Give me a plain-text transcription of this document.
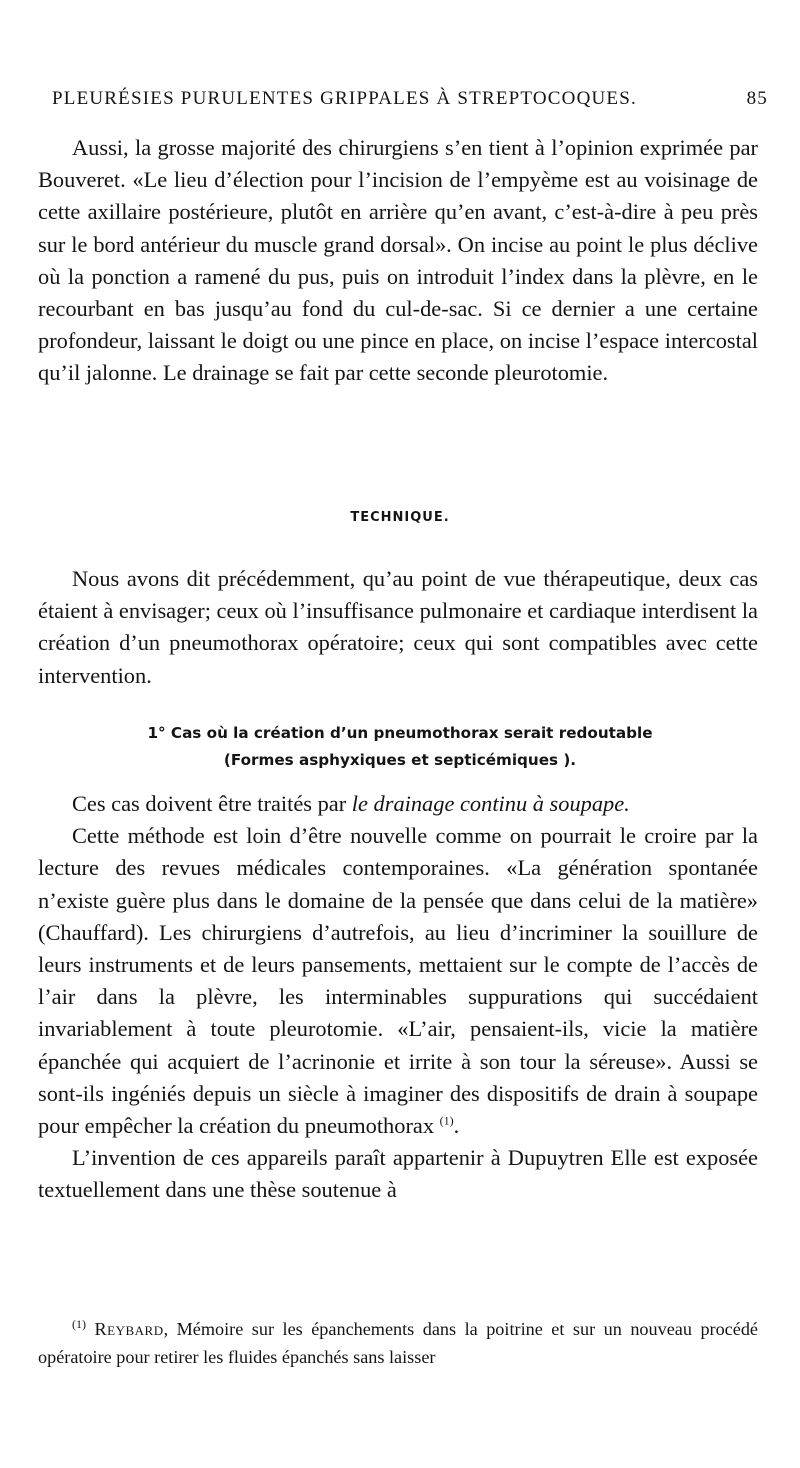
PLEURÉSIES PURULENTES GRIPPALES À STREPTOCOQUES.	85

Aussi, la grosse majorité des chirurgiens s’en tient à l’opinion exprimée par Bouveret. «Le lieu d’élection pour l’incision de l’empyème est au voisinage de cette axillaire postérieure, plutôt en arrière qu’en avant, c’est-à-dire à peu près sur le bord antérieur du muscle grand dorsal». On incise au point le plus déclive où la ponction a ramené du pus, puis on introduit l’index dans la plèvre, en le recourbant en bas jusqu’au fond du cul-de-sac. Si ce dernier a une certaine profondeur, laissant le doigt ou une pince en place, on incise l’espace intercostal qu’il jalonne. Le drainage se fait par cette seconde pleurotomie.

TECHNIQUE.

Nous avons dit précédemment, qu’au point de vue thérapeutique, deux cas étaient à envisager; ceux où l’insuffisance pulmonaire et cardiaque interdisent la création d’un pneumothorax opératoire; ceux qui sont compatibles avec cette intervention.

1° Cas où la création d’un pneumothorax serait redoutable
(Formes asphyxiques et septicémiques ).

Ces cas doivent être traités par le drainage continu à soupape.

Cette méthode est loin d’être nouvelle comme on pourrait le croire par la lecture des revues médicales contemporaines. «La génération spontanée n’existe guère plus dans le domaine de la pensée que dans celui de la matière» (Chauffard). Les chirurgiens d’autrefois, au lieu d’incriminer la souillure de leurs instruments et de leurs pansements, mettaient sur le compte de l’accès de l’air dans la plèvre, les interminables suppurations qui succédaient invariablement à toute pleurotomie. «L’air, pensaient-ils, vicie la matière épanchée qui acquiert de l’acrinonie et irrite à son tour la séreuse». Aussi se sont-ils ingéniés depuis un siècle à imaginer des dispositifs de drain à soupape pour empêcher la création du pneumothorax $^{(1)}$.

L’invention de ces appareils paraît appartenir à Dupuytren Elle est exposée textuellement dans une thèse soutenue à

$^{(1)}$ Reybard, Mémoire sur les épanchements dans la poitrine et sur un nouveau procédé opératoire pour retirer les fluides épanchés sans laisser
